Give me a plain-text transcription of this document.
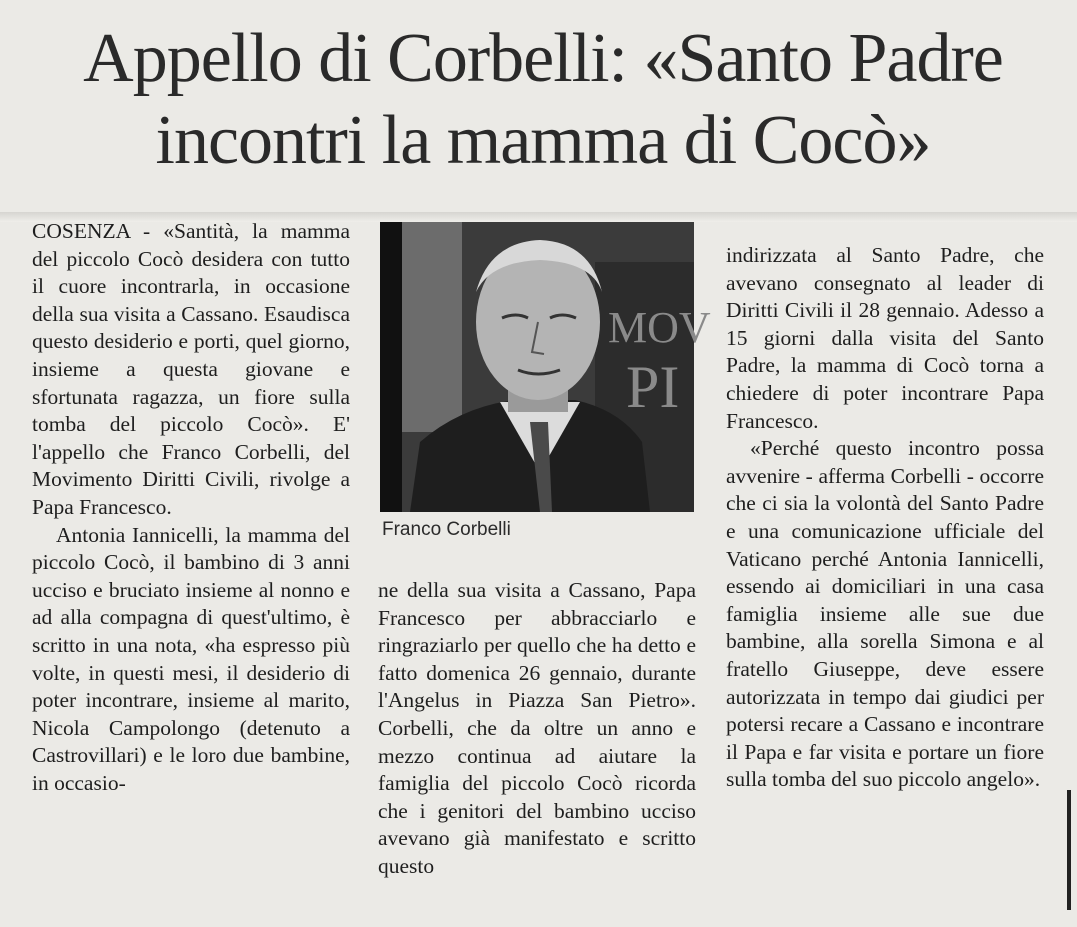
Appello di Corbelli: «Santo Padre
incontri la mamma di Cocò»

COSENZA - «Santità, la mamma del piccolo Cocò desidera con tutto il cuore incontrarla, in occasione della sua visita a Cassano. Esaudisca questo desiderio e porti, quel giorno, insieme a questa giovane e sfortunata ragazza, un fiore sulla tomba del piccolo Cocò». E' l'appello che Franco Corbelli, del Movimento Diritti Civili, rivolge a Papa Francesco.

Antonia Iannicelli, la mamma del piccolo Cocò, il bambino di 3 anni ucciso e bruciato insieme al nonno e ad alla compagna di quest'ultimo, è scritto in una nota, «ha espresso più volte, in questi mesi, il desiderio di poter incontrare, insieme al marito, Nicola Campolongo (detenuto a Castrovillari) e le loro due bambine, in occasio-

MOV
PI
Franco Corbelli

ne della sua visita a Cassano, Papa Francesco per abbracciarlo e ringraziarlo per quello che ha detto e fatto domenica 26 gennaio, durante l'Angelus in Piazza San Pietro». Corbelli, che da oltre un anno e mezzo continua ad aiutare la famiglia del piccolo Cocò ricorda che i genitori del bambino ucciso avevano già manifestato e scritto questo

indirizzata al Santo Padre, che avevano consegnato al leader di Diritti Civili il 28 gennaio. Adesso a 15 giorni dalla visita del Santo Padre, la mamma di Cocò torna a chiedere di poter incontrare Papa Francesco.

«Perché questo incontro possa avvenire - afferma Corbelli - occorre che ci sia la volontà del Santo Padre e una comunicazione ufficiale del Vaticano perché Antonia Iannicelli, essendo ai domiciliari in una casa famiglia insieme alle sue due bambine, alla sorella Simona e al fratello Giuseppe, deve essere autorizzata in tempo dai giudici per potersi recare a Cassano e incontrare il Papa e far visita e portare un fiore sulla tomba del suo piccolo angelo».
